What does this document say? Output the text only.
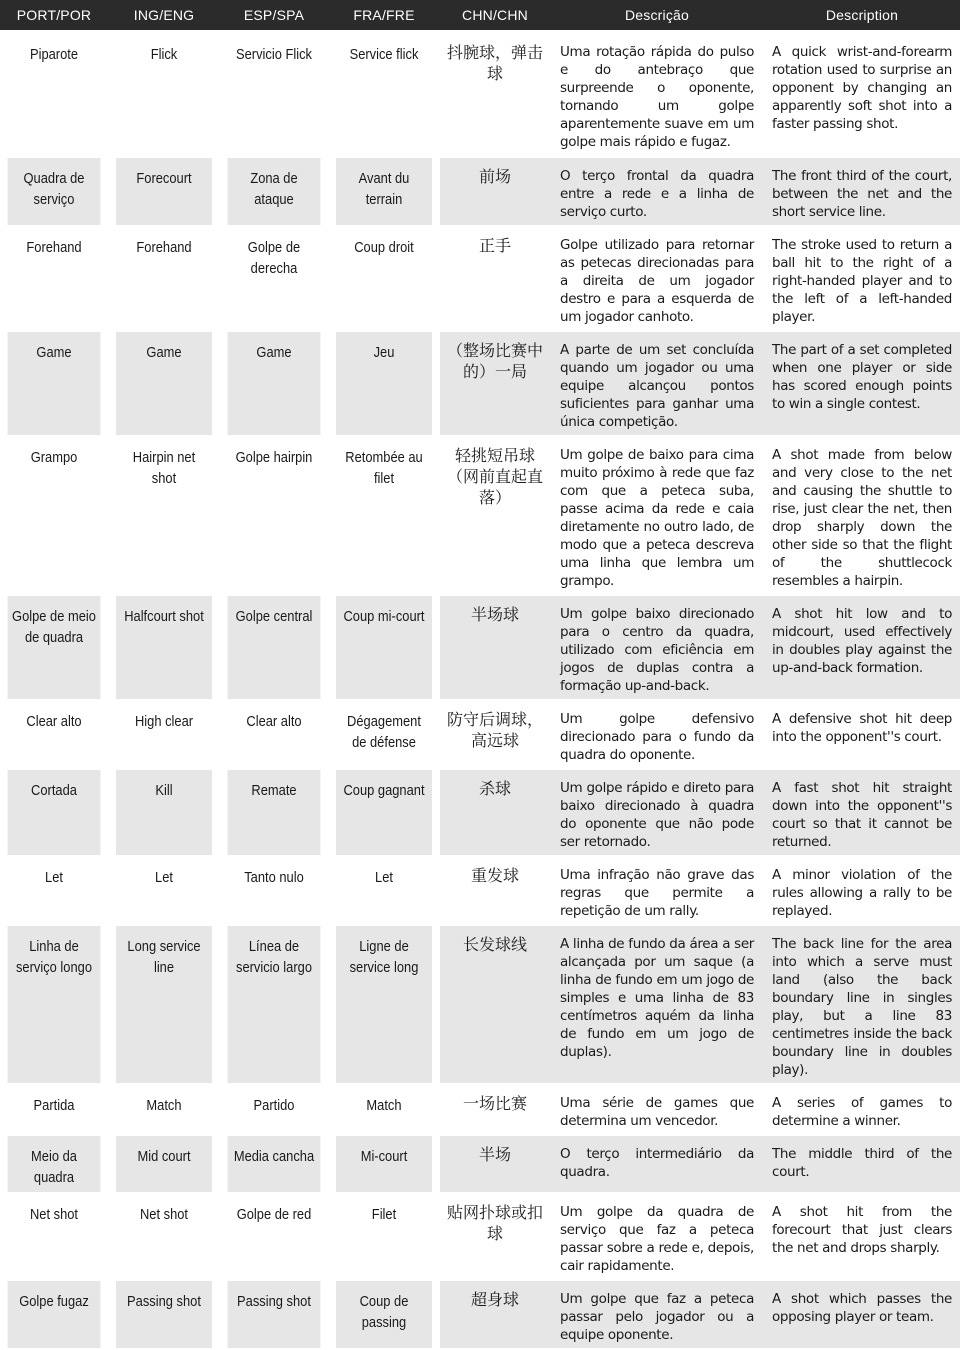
PORT/POR	ING/ENG	ESP/SPA	FRA/FRE	CHN/CHN	Descrição	Description

Piparote	Flick	Servicio Flick	Service flick	抖腕球，弹击球	Uma rotação rápida do pulso e do antebraço que surpreende o oponente, tornando um golpe aparentemente suave em um golpe mais rápido e fugaz.	A quick wrist-and-forearm rotation used to surprise an opponent by changing an apparently soft shot into a faster passing shot.
Quadra de serviço	Forecourt	Zona de ataque	Avant du terrain	前场	O terço frontal da quadra entre a rede e a linha de serviço curto.	The front third of the court, between the net and the short service line.
Forehand	Forehand	Golpe de derecha	Coup droit	正手	Golpe utilizado para retornar as petecas direcionadas para a direita de um jogador destro e para a esquerda de um jogador canhoto.	The stroke used to return a ball hit to the right of a right-handed player and to the left of a left-handed player.
Game	Game	Game	Jeu	（整场比赛中的）一局	A parte de um set concluída quando um jogador ou uma equipe alcançou pontos suficientes para ganhar uma única competição.	The part of a set completed when one player or side has scored enough points to win a single contest.
Grampo	Hairpin net shot	Golpe hairpin	Retombée au filet	轻挑短吊球（网前直起直落）	Um golpe de baixo para cima muito próximo à rede que faz com que a peteca suba, passe acima da rede e caia diretamente no outro lado, de modo que a peteca descreva uma linha que lembra um grampo.	A shot made from below and very close to the net and causing the shuttle to rise, just clear the net, then drop sharply down the other side so that the flight of the shuttlecock resembles a hairpin.
Golpe de meio de quadra	Halfcourt shot	Golpe central	Coup mi-court	半场球	Um golpe baixo direcionado para o centro da quadra, utilizado com eficiência em jogos de duplas contra a formação up-and-back.	A shot hit low and to midcourt, used effectively in doubles play against the up-and-back formation.
Clear alto	High clear	Clear alto	Dégagement de défense	防守后调球，高远球	Um golpe defensivo direcionado para o fundo da quadra do oponente.	A defensive shot hit deep into the opponent''s court.
Cortada	Kill	Remate	Coup gagnant	杀球	Um golpe rápido e direto para baixo direcionado à quadra do oponente que não pode ser retornado.	A fast shot hit straight down into the opponent''s court so that it cannot be returned.
Let	Let	Tanto nulo	Let	重发球	Uma infração não grave das regras que permite a repetição de um rally.	A minor violation of the rules allowing a rally to be replayed.
Linha de serviço longo	Long service line	Línea de servicio largo	Ligne de service long	长发球线	A linha de fundo da área a ser alcançada por um saque (a linha de fundo em um jogo de simples e uma linha de 83 centímetros aquém da linha de fundo em um jogo de duplas).	The back line for the area into which a serve must land (also the back boundary line in singles play, but a line 83 centimetres inside the back boundary line in doubles play).
Partida	Match	Partido	Match	一场比赛	Uma série de games que determina um vencedor.	A series of games to determine a winner.
Meio da quadra	Mid court	Media cancha	Mi-court	半场	O terço intermediário da quadra.	The middle third of the court.
Net shot	Net shot	Golpe de red	Filet	贴网扑球或扣球	Um golpe da quadra de serviço que faz a peteca passar sobre a rede e, depois, cair rapidamente.	A shot hit from the forecourt that just clears the net and drops sharply.
Golpe fugaz	Passing shot	Passing shot	Coup de passing	超身球	Um golpe que faz a peteca passar pelo jogador ou a equipe oponente.	A shot which passes the opposing player or team.
